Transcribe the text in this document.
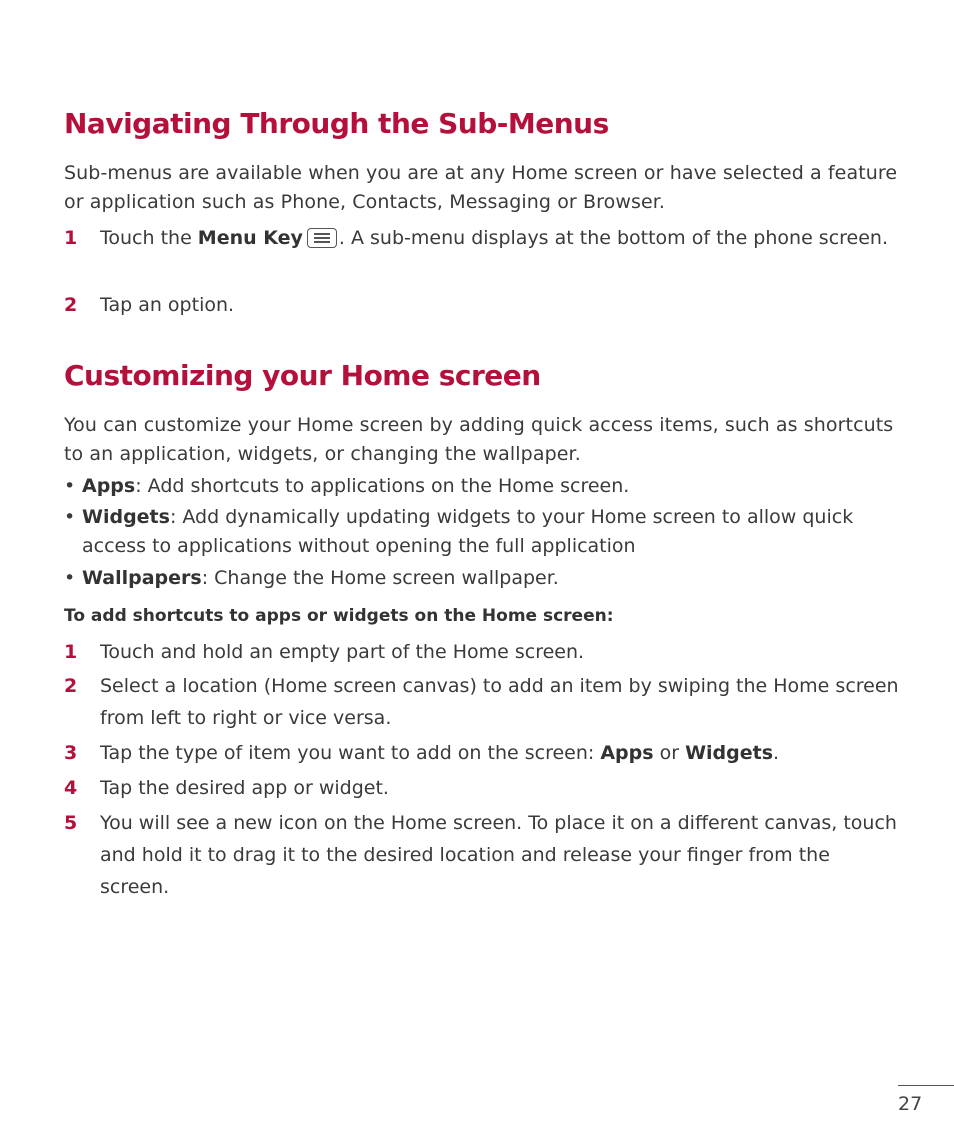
Navigating Through the Sub-Menus

Sub-menus are available when you are at any Home screen or have selected a feature or application such as Phone, Contacts, Messaging or Browser.

1 Touch the Menu Key . A sub-menu displays at the bottom of the phone screen.
2 Tap an option.
Customizing your Home screen

You can customize your Home screen by adding quick access items, such as shortcuts to an application, widgets, or changing the wallpaper.

• Apps: Add shortcuts to applications on the Home screen.
• Widgets: Add dynamically updating widgets to your Home screen to allow quick access to applications without opening the full application
• Wallpapers: Change the Home screen wallpaper.
To add shortcuts to apps or widgets on the Home screen:
1 Touch and hold an empty part of the Home screen.
2 Select a location (Home screen canvas) to add an item by swiping the Home screen from left to right or vice versa.
3 Tap the type of item you want to add on the screen: Apps or Widgets.
4 Tap the desired app or widget.
5 You will see a new icon on the Home screen. To place it on a different canvas, touch and hold it to drag it to the desired location and release your finger from the screen.
27
